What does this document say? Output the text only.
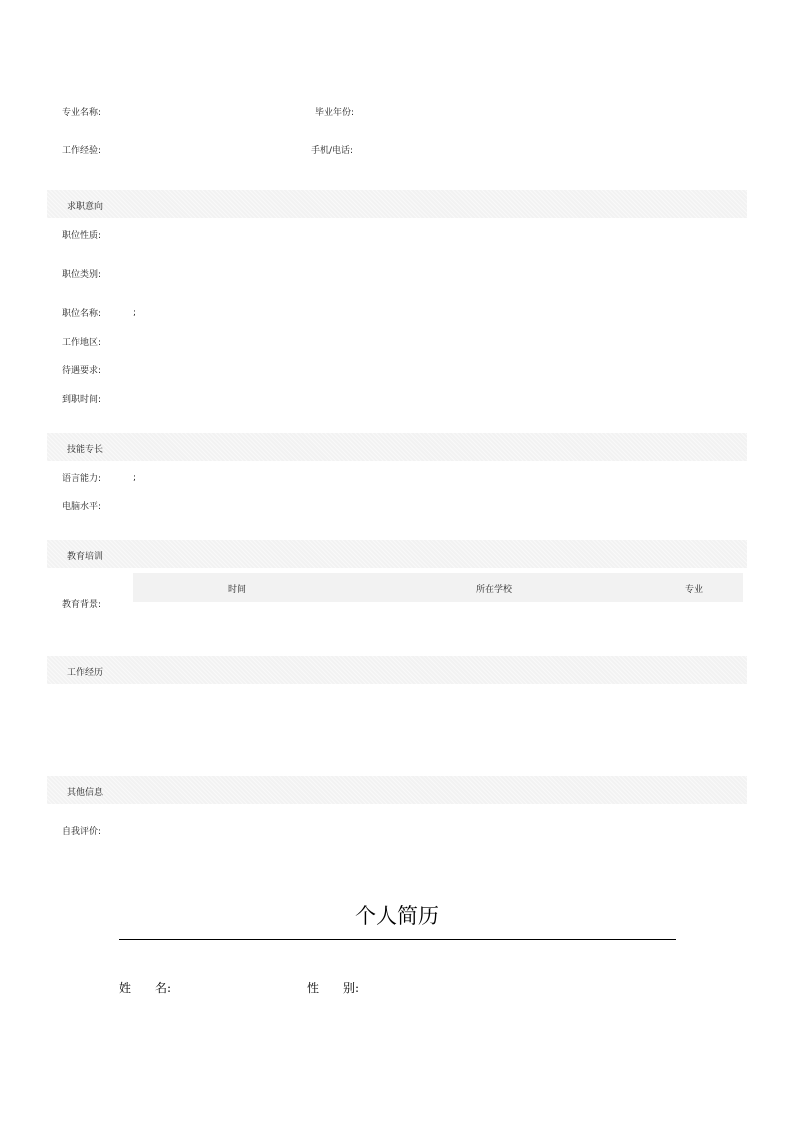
专业名称:	毕业年份:
工作经验:	手机/电话:
求职意向
职位性质:
职位类别:
职位名称:	;
工作地区:
待遇要求:
到职时间:
技能专长
语言能力:	;
电脑水平:
教育培训
教育背景:
时间	所在学校	专业
工作经历
其他信息
自我评价:
个人简历
姓　　名:	性　　别:
